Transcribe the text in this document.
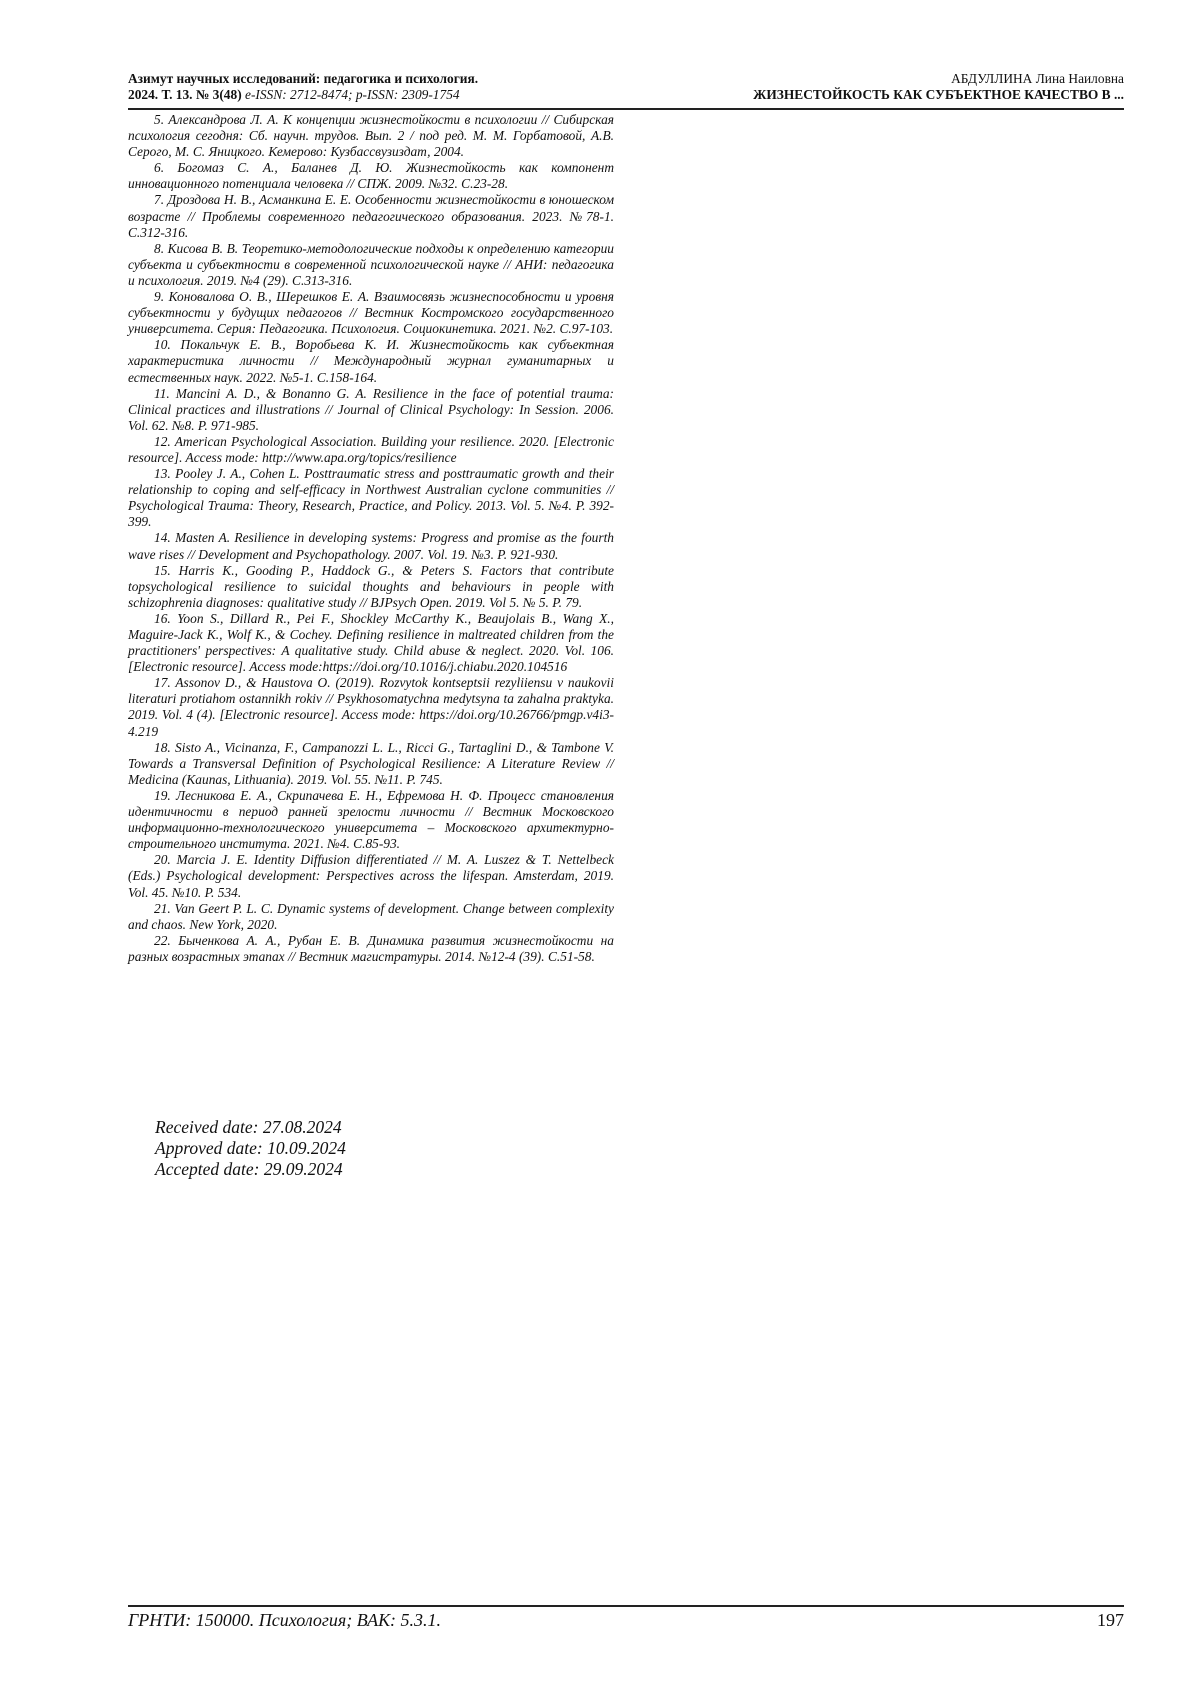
Азимут научных исследований: педагогика и психология.
2024. Т. 13. № 3(48) e-ISSN: 2712-8474; p-ISSN: 2309-1754
АБДУЛЛИНА Лина Наиловна
ЖИЗНЕСТОЙКОСТЬ КАК СУБЪЕКТНОЕ КАЧЕСТВО В ...

5. Александрова Л. А. К концепции жизнестойкости в психологии // Сибирская психология сегодня: Сб. научн. трудов. Вып. 2 / под ред. М. М. Горбатовой, А.В. Серого, М. С. Яницкого. Кемерово: Кузбассвузиздат, 2004.

6. Богомаз С. А., Баланев Д. Ю. Жизнестойкость как компонент инновационного потенциала человека // СПЖ. 2009. №32. С.23-28.

7. Дроздова Н. В., Асманкина Е. Е. Особенности жизнестойкости в юношеском возрасте // Проблемы современного педагогического образования. 2023. №78-1. С.312-316.

8. Кисова В. В. Теоретико-методологические подходы к определению категории субъекта и субъектности в современной психологической науке // АНИ: педагогика и психология. 2019. №4 (29). С.313-316.

9. Коновалова О. В., Шерешков Е. А. Взаимосвязь жизнеспособности и уровня субъектности у будущих педагогов // Вестник Костромского государственного университета. Серия: Педагогика. Психология. Социокинетика. 2021. №2. С.97-103.

10. Покальчук Е. В., Воробьева К. И. Жизнестойкость как субъектная характеристика личности // Международный журнал гуманитарных и естественных наук. 2022. №5-1. С.158-164.

11. Mancini A. D., & Bonanno G. A. Resilience in the face of potential trauma: Clinical practices and illustrations // Journal of Clinical Psychology: In Session. 2006. Vol. 62. №8. P. 971-985.

12. American Psychological Association. Building your resilience. 2020. [Electronic resource]. Access mode: http://www.apa.org/topics/resilience

13. Pooley J. A., Cohen L. Posttraumatic stress and posttraumatic growth and their relationship to coping and self-efficacy in Northwest Australian cyclone communities // Psychological Trauma: Theory, Research, Practice, and Policy. 2013. Vol. 5. №4. P. 392-399.

14. Masten A. Resilience in developing systems: Progress and promise as the fourth wave rises // Development and Psychopathology. 2007. Vol. 19. №3. P. 921-930.

15. Harris K., Gooding P., Haddock G., & Peters S. Factors that contribute topsychological resilience to suicidal thoughts and behaviours in people with schizophrenia diagnoses: qualitative study // BJPsych Open. 2019. Vol 5. № 5. P. 79.

16. Yoon S., Dillard R., Pei F., Shockley McCarthy K., Beaujolais B., Wang X., Maguire-Jack K., Wolf K., & Cochey. Defining resilience in maltreated children from the practitioners' perspectives: A qualitative study. Child abuse & neglect. 2020. Vol. 106. [Electronic resource]. Access mode:https://doi.org/10.1016/j.chiabu.2020.104516

17. Assonov D., & Haustova O. (2019). Rozvytok kontseptsii rezyliiensu v naukovii literaturi protiahom ostannikh rokiv // Psykhosomatychna medytsyna ta zahalna praktyka. 2019. Vol. 4 (4). [Electronic resource]. Access mode: https://doi.org/10.26766/pmgp.v4i3- 4.219

18. Sisto A., Vicinanza, F., Campanozzi L. L., Ricci G., Tartaglini D., & Tambone V. Towards a Transversal Definition of Psychological Resilience: A Literature Review // Medicina (Kaunas, Lithuania). 2019. Vol. 55. №11. P. 745.

19. Лесникова Е. А., Скрипачева Е. Н., Ефремова Н. Ф. Процесс становления идентичности в период ранней зрелости личности // Вестник Московского информационно-технологического университета – Московского архитектурно-строительного института. 2021. №4. С.85-93.

20. Marcia J. E. Identity Diffusion differentiated // M. A. Luszez & T. Nettelbeck (Eds.) Psychological development: Perspectives across the lifespan. Amsterdam, 2019. Vol. 45. №10. P. 534.

21. Van Geert P. L. C. Dynamic systems of development. Change between complexity and chaos. New York, 2020.

22. Быченкова А. А., Рубан Е. В. Динамика развития жизнестойкости на разных возрастных этапах // Вестник магистратуры. 2014. №12-4 (39). С.51-58.

Received date: 27.08.2024
Approved date: 10.09.2024
Accepted date: 29.09.2024
ГРНТИ: 150000. Психология; ВАК: 5.3.1.	197
